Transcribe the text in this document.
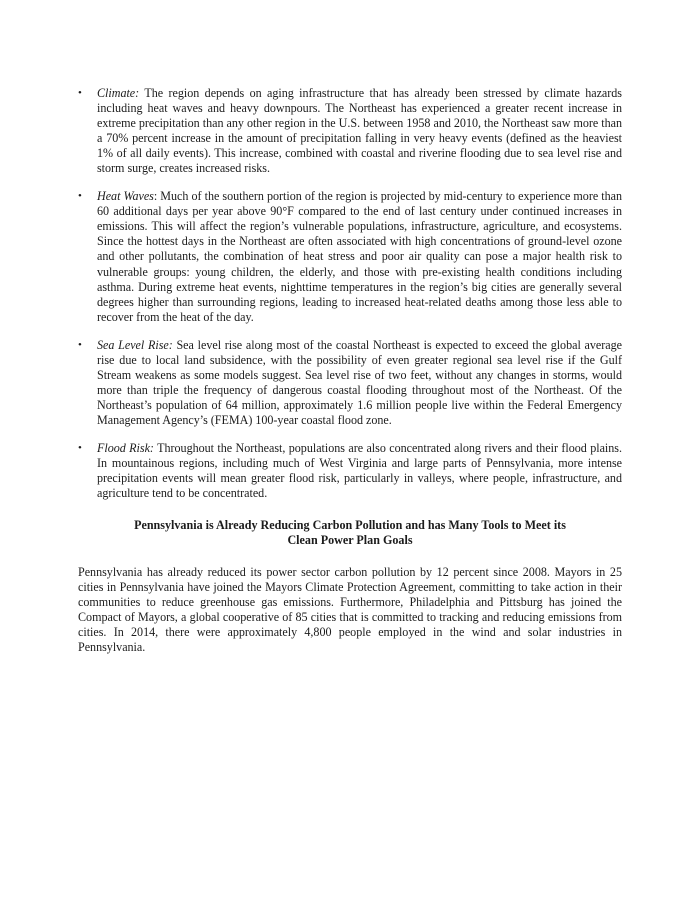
•	Climate: The region depends on aging infrastructure that has already been stressed by climate hazards including heat waves and heavy downpours. The Northeast has experienced a greater recent increase in extreme precipitation than any other region in the U.S. between 1958 and 2010, the Northeast saw more than a 70% percent increase in the amount of precipitation falling in very heavy events (defined as the heaviest 1% of all daily events). This increase, combined with coastal and riverine flooding due to sea level rise and storm surge, creates increased risks.
•	Heat Waves: Much of the southern portion of the region is projected by mid-century to experience more than 60 additional days per year above 90°F compared to the end of last century under continued increases in emissions. This will affect the region’s vulnerable populations, infrastructure, agriculture, and ecosystems. Since the hottest days in the Northeast are often associated with high concentrations of ground-level ozone and other pollutants, the combination of heat stress and poor air quality can pose a major health risk to vulnerable groups: young children, the elderly, and those with pre-existing health conditions including asthma. During extreme heat events, nighttime temperatures in the region’s big cities are generally several degrees higher than surrounding regions, leading to increased heat-related deaths among those less able to recover from the heat of the day.
•	Sea Level Rise: Sea level rise along most of the coastal Northeast is expected to exceed the global average rise due to local land subsidence, with the possibility of even greater regional sea level rise if the Gulf Stream weakens as some models suggest. Sea level rise of two feet, without any changes in storms, would more than triple the frequency of dangerous coastal flooding throughout most of the Northeast. Of the Northeast’s population of 64 million, approximately 1.6 million people live within the Federal Emergency Management Agency’s (FEMA) 100-year coastal flood zone.
•	Flood Risk: Throughout the Northeast, populations are also concentrated along rivers and their flood plains. In mountainous regions, including much of West Virginia and large parts of Pennsylvania, more intense precipitation events will mean greater flood risk, particularly in valleys, where people, infrastructure, and agriculture tend to be concentrated.
Pennsylvania is Already Reducing Carbon Pollution and has Many Tools to Meet its
Clean Power Plan Goals

Pennsylvania has already reduced its power sector carbon pollution by 12 percent since 2008. Mayors in 25 cities in Pennsylvania have joined the Mayors Climate Protection Agreement, committing to take action in their communities to reduce greenhouse gas emissions. Furthermore, Philadelphia and Pittsburg has joined the Compact of Mayors, a global cooperative of 85 cities that is committed to tracking and reducing emissions from cities. In 2014, there were approximately 4,800 people employed in the wind and solar industries in Pennsylvania.
